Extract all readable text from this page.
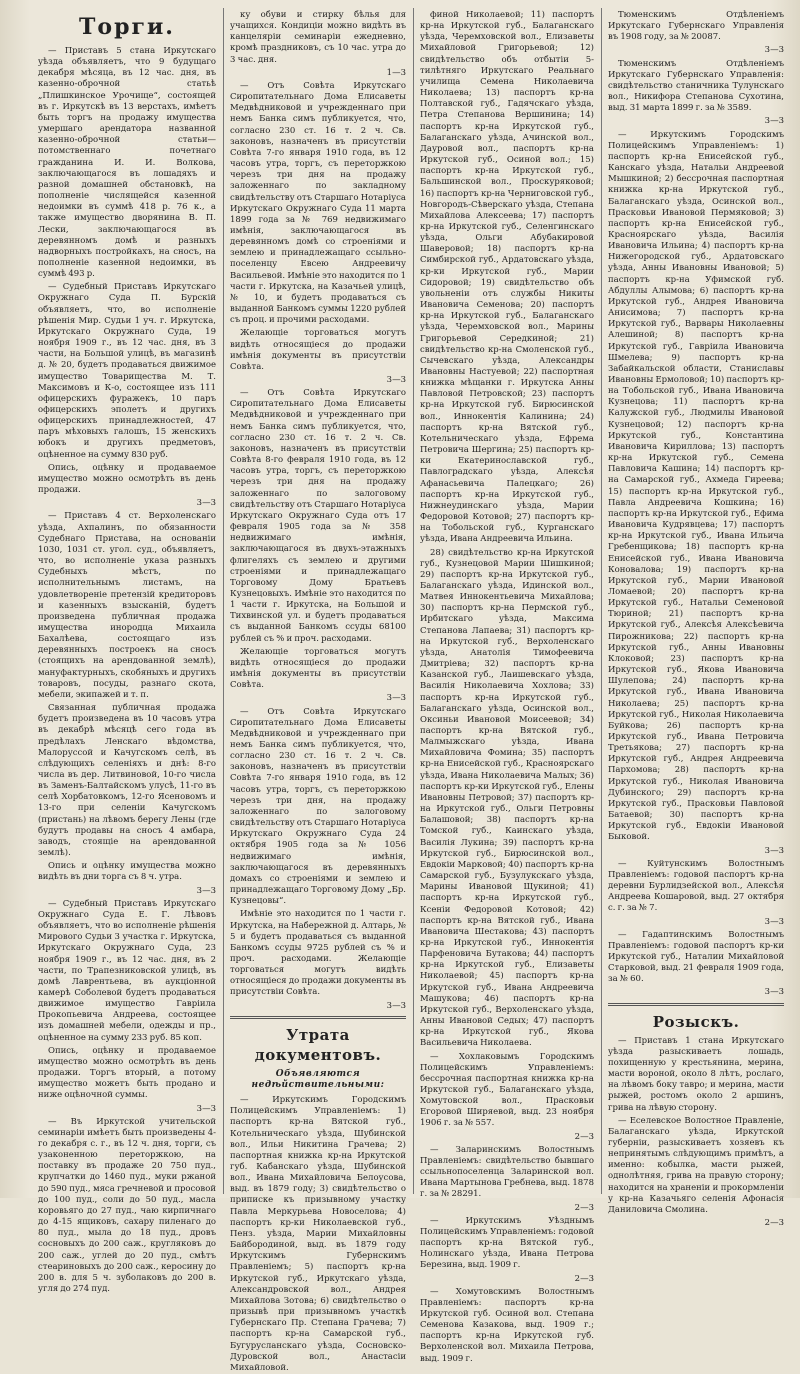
Торги.

— Приставъ 5 стана Иркутскаго уѣзда объявляетъ, что 9 будущаго декабря мѣсяца, въ 12 час. дня, въ казенно-оброчной статьѣ „Плишкинское Урочище“, состоящей въ г. Иркутскѣ въ 13 верстахъ, имѣетъ быть торгъ на продажу имущества умершаго арендатора названной казенно-оброчной статьи—потомственнаго почетнаго гражданина И. И. Волкова, заключающагося въ лошадяхъ и разной домашней обстановкѣ, на пополненіе числящейся казенной недоимки въ суммѣ 418 р. 76 к., а также имущество дворянина В. П. Лески, заключающагося въ деревянномъ домѣ и разныхъ надворныхъ постройкахъ, на сносъ, на пополненіе казенной недоимки, въ суммѣ 493 р.

— Судебный Приставъ Иркутскаго Окружнаго Суда П. Бурскій объявляетъ, что, во исполненіе рѣшенія Мир. Судьи 1 уч. г. Иркутска, Иркутскаго Окружнаго Суда, 19 ноября 1909 г., въ 12 час. дня, въ 3 части, на Большой улицѣ, въ магазинѣ д. № 20, будетъ продаваться движимое имущество Товарищества М. Т. Максимовъ и К-о, состоящее изъ 111 офицерскихъ фуражекъ, 10 паръ офицерскихъ эполетъ и другихъ офицерскихъ принадлежностей, 47 паръ мѣховыхъ галошъ, 15 женскихъ юбокъ и другихъ предметовъ, оцѣненное на сумму 830 руб.

Опись, оцѣнку и продаваемое имущество можно осмотрѣть въ день продажи.

3—3

— Приставъ 4 ст. Верхоленскаго уѣзда, Ахпалинъ, по обязанности Судебнаго Пристава, на основаніи 1030, 1031 ст. угол. суд., объявляетъ, что, во исполненіе указа разныхъ Судебныхъ мѣстъ, по исполнительнымъ листамъ, на удовлетвореніе претензій кредиторовъ и казенныхъ взысканій, будетъ произведена публичная продажа имущества инородца Михаила Бахалѣева, состоящаго изъ деревянныхъ построекъ на сносъ (стоящихъ на арендованной землѣ), мануфактурныхъ, скобяныхъ и другихъ товаровъ, посуды, разнаго скота, мебели, экипажей и т. п.

Связанная публичная продажа будетъ произведена въ 10 часовъ утра въ декабрѣ мѣсяцѣ сего года въ предѣлахъ Ленскаго вѣдомства, Малоруссой и Качугскомъ селѣ, въ слѣдующихъ селеніяхъ и днѣ: 8-го числа въ дер. Литвиновой, 10-го числа въ Заменъ-Балтайскомъ улусѣ, 11-го въ селѣ Хорбатовкомъ, 12-го Ясеновомъ и 13-го при селеніи Качугскомъ (пристань) на лѣвомъ берегу Лены (где будутъ продавы на сносъ 4 амбара, заводъ, стоящіе на арендованной землѣ).

Опись и оцѣнку имущества можно видѣть въ дни торга съ 8 ч. утра.

3—3

— Судебный Приставъ Иркутскаго Окружнаго Суда Е. Г. Лѣвовъ объявляетъ, что во исполненіе рѣшенія Мирового Судьи 3 участка г. Иркутска, Иркутскаго Окружнаго Суда, 23 ноября 1909 г., въ 12 час. дня, въ 2 части, по Трапезниковской улицѣ, въ домѣ Лаврентьева, въ аукціонной камерѣ Соболевой будетъ продаваться движимое имущество Гавріила Прокопьевича Андреева, состоящее изъ домашней мебели, одежды и пр., оцѣненное на сумму 233 руб. 85 коп.

Опись, оцѣнку и продаваемое имущество можно осмотрѣть въ день продажи. Торгъ вторый, а потому имущество можетъ быть продано и ниже оцѣночной суммы.

3—3

— Въ Иркутской учительской семинаріи имѣетъ быть произведены 4-го декабря с. г., въ 12 ч. дня, торги, съ узаконенною переторжкою, на поставку въ продаже 20 750 пуд., крупчатки до 1460 пуд., муки ржаной до 590 пуд., мяса гречневой и просовой до 100 пуд., соли до 50 пуд., масла коровьяго до 27 пуд., чаю кирпичнаго до 4-15 ящиковъ, сахару пиленаго до 80 пуд., мыла до 18 пуд., дровъ сосновыхъ до 200 саж., кругляковъ до 200 саж., углей до 20 пуд., смѣтъ стеариновыхъ до 200 саж., керосину до 200 в. для 5 ч. зуболаковъ до 200 в. угля до 274 пуд.

ку обуви и стирку бѣлья для учащихся. Кондиціи можно видѣть въ канцеляріи семинаріи ежедневно, кромѣ праздниковъ, съ 10 час. утра до 3 час. дня.

1—3

— Отъ Совѣта Иркутскаго Сиропитательнаго Дома Елисаветы Медвѣдниковой и учрежденнаго при немъ Банка симъ публикуется, что, согласно 230 ст. 16 т. 2 ч. Св. законовъ, назначенъ въ присутствіи Совѣта 7-го января 1910 года, въ 12 часовъ утра, торгъ, съ переторжкою черезъ три дня на продажу заложеннаго по закладному свидѣтельству отъ Старшаго Нотаріуса Иркутскаго Окружнаго Суда 11 марта 1899 года за № 769 недвижимаго имѣнія, заключающагося въ деревянномъ домѣ со строеніями и землею и принадлежащаго ссыльно-поселенцу Евсею Андреевичу Васильевой. Имѣніе это находится по 1 части г. Иркутска, на Казачьей улицѣ, № 10, и будетъ продаваться съ выданной Банкомъ суммы 1220 рублей съ проц. и прочими расходами.

Желающіе торговаться могутъ видѣть относящіеся до продажи имѣнія документы въ присутствіи Совѣта.

3—3

— Отъ Совѣта Иркутскаго Сиропитательнаго Дома Елисаветы Медвѣдниковой и учрежденнаго при немъ Банка симъ публикуется, что, согласно 230 ст. 16 т. 2 ч. Св. законовъ, назначенъ въ присутствіи Совѣта 8-го февраля 1910 года, въ 12 часовъ утра, торгъ, съ переторжкою черезъ три дня на продажу заложеннаго по залоговому свидѣтельству отъ Старшаго Нотаріуса Иркутскаго Окружнаго Суда отъ 17 февраля 1905 года за № 358 недвижимаго имѣнія, заключающагося въ двухъ-этажныхъ флигеляхъ съ землею и другими строеніями и принадлежащаго Торговому Дому Братьевъ Кузнецовыхъ. Имѣніе это находится по 1 части г. Иркутска, на Большой и Тихвинской ул. и будетъ продаваться съ выданной Банкомъ ссуды 68100 рублей съ % и проч. расходами.

Желающіе торговаться могутъ видѣть относящіеся до продажи имѣнія документы въ присутствіи Совѣта.

3—3

— Отъ Совѣта Иркутскаго Сиропитательнаго Дома Елисаветы Медвѣдниковой и учрежденнаго при немъ Банка симъ публикуется, что, согласно 230 ст. 16 т. 2 ч. Св. законовъ, назначенъ въ присутствіи Совѣта 7-го января 1910 года, въ 12 часовъ утра, торгъ, съ переторжкою черезъ три дня, на продажу заложеннаго по залоговому свидѣтельству отъ Старшаго Нотаріуса Иркутскаго Окружнаго Суда 24 октября 1905 года за № 1056 недвижимаго имѣнія, заключающагося въ деревянныхъ домахъ со строеніями и землею и принадлежащаго Торговому Дому „Бр. Кузнецовы“.

Имѣніе это находится по 1 части г. Иркутска, на Набережной д. Алтарь, № 5 и будетъ продаваться съ выданной Банкомъ ссуды 9725 рублей съ % и проч. расходами. Желающіе торговаться могутъ видѣть относящіеся до продажи документы въ присутствіи Совѣта.

3—3
Утрата документовъ.
Объявляются недѣйствительными:

— Иркутскимъ Городскимъ Полицейскимъ Управленіемъ: 1) паспортъ кр-на Вятской губ., Котельническаго уѣзда, Шубинской вол., Ильи Никитина Грачева; 2) паспортная книжка кр-на Иркутской губ. Кабанскаго уѣзда, Шубинской вол., Ивана Михайловича Белоусова, выд. въ 1879 году; 3) свидѣтельство о приписке къ призывному участку Павла Меркурьева Новоселова; 4) паспортъ кр-ки Николаевской губ., Пенз. уѣзда, Марии Михайловны Байбородиной, выд. въ 1879 году Иркутскимъ Губернскимъ Правленіемъ; 5) паспортъ кр-на Иркутской губ., Иркутскаго уѣзда, Александровской вол., Андрея Михайлова Зотова; 6) свидѣтельство о призывѣ при призывномъ участкѣ Губернскаго Пр. Степана Грачева; 7) паспортъ кр-на Самарской губ., Бугурусланскаго уѣзда, Сосновско-Дуровской вол., Анастасіи Михайловой.

финой Николаевой; 11) паспортъ кр-на Иркутской губ., Балаганскаго уѣзда, Черемховской вол., Елизаветы Михайловой Григорьевой; 12) свидѣтельство объ отбытіи 5-тилѣтняго Иркутскаго Реальнаго училища Семена Николаевича Николаева; 13) паспортъ кр-на Полтавской губ., Гадячскаго уѣзда, Петра Степанова Вершинина; 14) паспортъ кр-на Иркутской губ., Балаганскаго уѣзда, Ачинской вол., Дауровой вол., паспортъ кр-на Иркутской губ., Осиной вол.; 15) паспортъ кр-на Иркутской губ., Бальшинской вол., Проскуряковой; 16) паспортъ кр-на Черниговской губ., Новгородъ-Сѣверскаго уѣзда, Степана Михайлова Алексеева; 17) паспортъ кр-на Иркутской губ., Селенгинскаго уѣзда, Ольги Абубакировой Шаверовой; 18) паспортъ кр-на Симбирской губ., Ардатовскаго уѣзда, кр-ки Иркутской губ., Марии Сидоровой; 19) свидѣтельство объ увольненіи отъ службы Никиты Ивановича Семенова; 20) паспортъ кр-на Иркутской губ., Балаганскаго уѣзда, Черемховской вол., Марины Григорьевой Середкиной; 21) свидѣтельство кр-на Смоленской губ., Сычевскаго уѣзда, Александры Ивановны Настуевой; 22) паспортная книжка мѣщанки г. Иркутска Анны Павловой Петровской; 23) паспортъ кр-на Иркутской губ. Бирюсинской вол., Иннокентія Калинина; 24) паспортъ кр-на Вятской губ., Котельническаго уѣзда, Ефрема Петровича Шергина; 25) паспортъ кр-ки Екатеринославской губ., Павлоградскаго уѣзда, Алексѣя Афанасьевича Палецкаго; 26) паспортъ кр-на Иркутской губ., Нижнеудинскаго уѣзда, Марии Федоровой Котовой; 27) паспортъ кр-на Тобольской губ., Курганскаго уѣзда, Ивана Андреевича Ильина.

28) свидѣтельство кр-на Иркутской губ., Кузнецовой Марии Шишкиной; 29) паспортъ кр-на Иркутской губ., Балаганскаго уѣзда, Идинской вол., Матвея Иннокентьевича Михайлова; 30) паспортъ кр-на Пермской губ., Ирбитскаго уѣзда, Максима Степанова Лапаева; 31) паспортъ кр-на Иркутской губ., Верхоленскаго уѣзда, Анатолія Тимофеевича Дмитріева; 32) паспортъ кр-на Казанской губ., Лаишевскаго уѣзда, Василія Николаевича Хохлова; 33) паспортъ кр-на Иркутской губ., Балаганскаго уѣзда, Осинской вол., Оксиньи Ивановой Моисеевой; 34) паспортъ кр-на Вятской губ., Малмыжскаго уѣзда, Ивана Михайловича Фомина; 35) паспортъ кр-на Енисейской губ., Красноярскаго уѣзда, Ивана Николаевича Малых; 36) паспортъ кр-ки Иркутской губ., Елены Ивановны Петровой; 37) паспортъ кр-на Иркутской губ., Ольги Петровны Балашовой; 38) паспортъ кр-на Томской губ., Каинскаго уѣзда, Василія Лукина; 39) паспортъ кр-на Иркутской губ., Бирюсинской вол., Евдокіи Марковой; 40) паспортъ кр-на Самарской губ., Бузулукскаго уѣзда, Марины Ивановой Щукиной; 41) паспортъ кр-на Иркутской губ., Ксеніи Федоровой Котовой; 42) паспортъ кр-на Вятской губ., Ивана Ивановича Шестакова; 43) паспортъ кр-на Иркутской губ., Иннокентія Парфеновича Бутакова; 44) паспортъ кр-на Иркутской губ., Елизаветы Николаевой; 45) паспортъ кр-на Иркутской губ., Ивана Андреевича Машукова; 46) паспортъ кр-на Иркутской губ., Верхоленскаго уѣзда, Анны Ивановой Седых; 47) паспортъ кр-на Иркутской губ., Якова Васильевича Николаева.

— Хохлаковымъ Городскимъ Полицейскимъ Управленіемъ: бессрочная паспортная книжка кр-на Иркутской губ., Балаганскаго уѣзда, Хомутовской вол., Прасковьи Егоровой Ширяевой, выд. 23 ноября 1906 г. за № 557.

2—3

— Заларинскимъ Волостнымъ Правленіемъ: свидѣтельство бывшаго ссыльнопоселенца Заларинской вол. Ивана Мартынова Гребнева, выд. 1878 г. за № 28291.

2—3

— Иркутскимъ Уѣзднымъ Полицейскимъ Управленіемъ: годовой паспортъ кр-на Вятской губ., Нолинскаго уѣзда, Ивана Петрова Березина, выд. 1909 г.

2—3

— Хомутовскимъ Волостнымъ Правленіемъ: паспортъ кр-на Иркутской губ. Осиной вол. Степана Семенова Казакова, выд. 1909 г.; паспортъ кр-на Иркутской губ. Верхоленской вол. Михаила Петрова, выд. 1909 г.

Тюменскимъ Отдѣленіемъ Иркутскаго Губернскаго Управленія въ 1908 году, за № 20087.

3—3

Тюменскимъ Отдѣленіемъ Иркутскаго Губернскаго Управленія: свидѣтельство станичника Тулунскаго вол., Никифора Степанова Сухотина, выд. 31 марта 1899 г. за № 3589.

3—3

— Иркутскимъ Городскимъ Полицейскимъ Управленіемъ: 1) паспортъ кр-на Енисейской губ., Канскаго уѣзда, Натальи Андреевой Мышкиной; 2) бессрочная паспортная книжка кр-на Иркутской губ., Балаганскаго уѣзда, Осинской вол., Прасковьи Ивановой Пермяковой; 3) паспортъ кр-на Енисейской губ., Красноярскаго уѣзда, Василія Ивановича Ильина; 4) паспортъ кр-на Нижегородской губ., Ардатовскаго уѣзда, Анны Ивановны Ивановой; 5) паспортъ кр-на Уфимской губ. Абдуллы Алымова; 6) паспортъ кр-на Иркутской губ., Андрея Ивановича Анисимова; 7) паспортъ кр-на Иркутской губ., Варвары Николаевны Алешиной; 8) паспортъ кр-на Иркутской губ., Гавріила Ивановича Шмелева; 9) паспортъ кр-на Забайкальской области, Станиславы Ивановны Ермоловой; 10) паспортъ кр-на Тобольской губ., Ивана Ивановича Кузнецова; 11) паспортъ кр-на Калужской губ., Людмилы Ивановой Кузнецовой; 12) паспортъ кр-на Иркутской губ., Константина Ивановича Кириллова; 13) паспортъ кр-на Иркутской губ., Семена Павловича Кашина; 14) паспортъ кр-на Самарской губ., Ахмеда Гиреева; 15) паспортъ кр-на Иркутской губ., Павла Андреевича Кошкина; 16) паспортъ кр-на Иркутской губ., Ефима Ивановича Кудрявцева; 17) паспортъ кр-на Иркутской губ., Ивана Ильича Гребенщикова; 18) паспортъ кр-на Енисейской губ., Ивана Ивановича Коновалова; 19) паспортъ кр-на Иркутской губ., Марии Ивановой Ломаевой; 20) паспортъ кр-на Иркутской губ., Натальи Семеновой Тюриной; 21) паспортъ кр-на Иркутской губ., Алексѣя Алексѣевича Пирожникова; 22) паспортъ кр-на Иркутской губ., Анны Ивановны Клоковой; 23) паспортъ кр-на Иркутской губ., Якова Ивановича Шулепова; 24) паспортъ кр-на Иркутской губ., Ивана Ивановича Николаева; 25) паспортъ кр-на Иркутской губ., Николая Николаевича Буйкова; 26) паспортъ кр-на Иркутской губ., Ивана Петровича Третьякова; 27) паспортъ кр-на Иркутской губ., Андрея Андреевича Пархомова; 28) паспортъ кр-на Иркутской губ., Николая Ивановича Дубинского; 29) паспортъ кр-на Иркутской губ., Прасковьи Павловой Батаевой; 30) паспортъ кр-на Иркутской губ., Евдокіи Ивановой Быковой.

3—3

— Куйтунскимъ Волостнымъ Правленіемъ: годовой паспортъ кр-на деревни Бурлидзейской вол., Алексѣя Андреева Кошаровой, выд. 27 октября с. г. за № 7.

3—3

— Гадаптинскимъ Волостнымъ Правленіемъ: годовой паспортъ кр-ки Иркутской губ., Наталии Михайловой Старковой, выд. 21 февраля 1909 года, за № 60.

3—3
Розыскъ.

— Приставъ 1 стана Иркутскаго уѣзда разыскиваетъ лошадь, похищенную у крестьянина, мерина, масти вороной, около 8 лѣтъ, рослаго, на лѣвомъ боку тавро; и мерина, масти рыжей, ростомъ около 2 аршинъ, грива на лѣвую сторону.

— Еселевское Волостное Правленіе, Балаганскаго уѣзда, Иркутской губерніи, разыскиваетъ хозяевъ къ непринятымъ слѣдующимъ примѣтъ, а именно: кобылка, масти рыжей, однолѣтняя, грива на правую сторону; находится на храненіи и прокормленіи у кр-на Казачьяго селенія Афонасія Даниловича Смолина.

2—3
